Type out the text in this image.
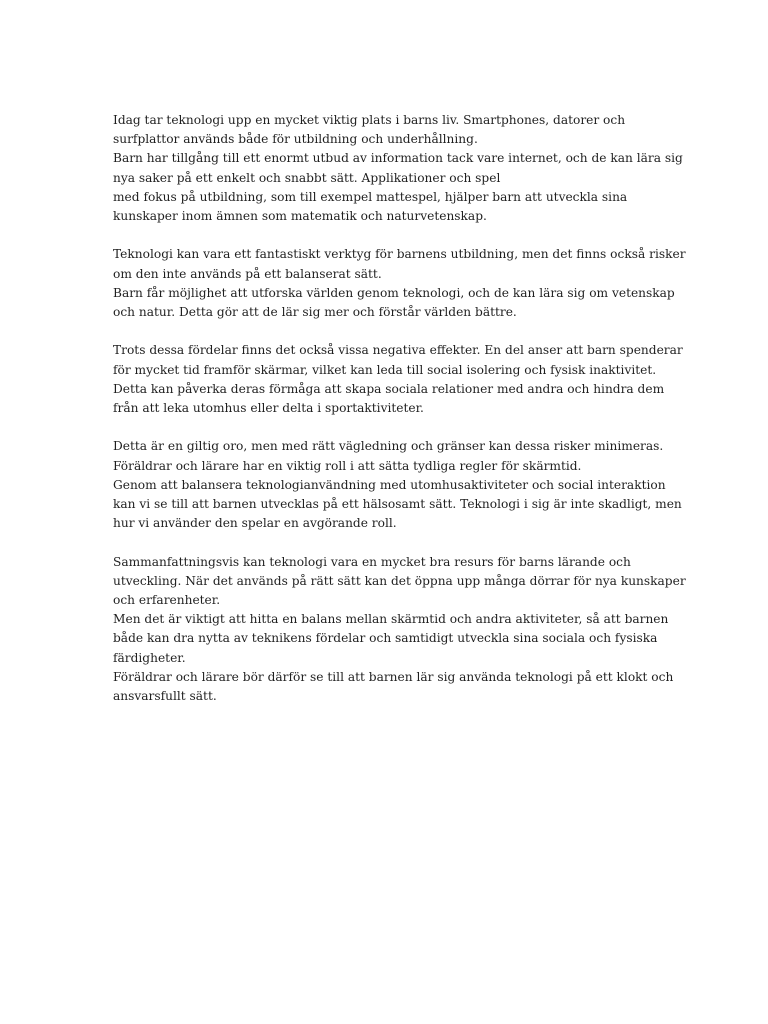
Idag tar teknologi upp en mycket viktig plats i barns liv. Smartphones, datorer och
surfplattor används både för utbildning och underhållning.
Barn har tillgång till ett enormt utbud av information tack vare internet, och de kan lära sig
nya saker på ett enkelt och snabbt sätt. Applikationer och spel
med fokus på utbildning, som till exempel mattespel, hjälper barn att utveckla sina
kunskaper inom ämnen som matematik och naturvetenskap.

Teknologi kan vara ett fantastiskt verktyg för barnens utbildning, men det finns också risker
om den inte används på ett balanserat sätt.
Barn får möjlighet att utforska världen genom teknologi, och de kan lära sig om vetenskap
och natur. Detta gör att de lär sig mer och förstår världen bättre.

Trots dessa fördelar finns det också vissa negativa effekter. En del anser att barn spenderar
för mycket tid framför skärmar, vilket kan leda till social isolering och fysisk inaktivitet.
Detta kan påverka deras förmåga att skapa sociala relationer med andra och hindra dem
från att leka utomhus eller delta i sportaktiviteter.

Detta är en giltig oro, men med rätt vägledning och gränser kan dessa risker minimeras.
Föräldrar och lärare har en viktig roll i att sätta tydliga regler för skärmtid.
Genom att balansera teknologianvändning med utomhusaktiviteter och social interaktion
kan vi se till att barnen utvecklas på ett hälsosamt sätt. Teknologi i sig är inte skadligt, men
hur vi använder den spelar en avgörande roll.

Sammanfattningsvis kan teknologi vara en mycket bra resurs för barns lärande och
utveckling. När det används på rätt sätt kan det öppna upp många dörrar för nya kunskaper
och erfarenheter.
Men det är viktigt att hitta en balans mellan skärmtid och andra aktiviteter, så att barnen
både kan dra nytta av teknikens fördelar och samtidigt utveckla sina sociala och fysiska
färdigheter.
Föräldrar och lärare bör därför se till att barnen lär sig använda teknologi på ett klokt och
ansvarsfullt sätt.
